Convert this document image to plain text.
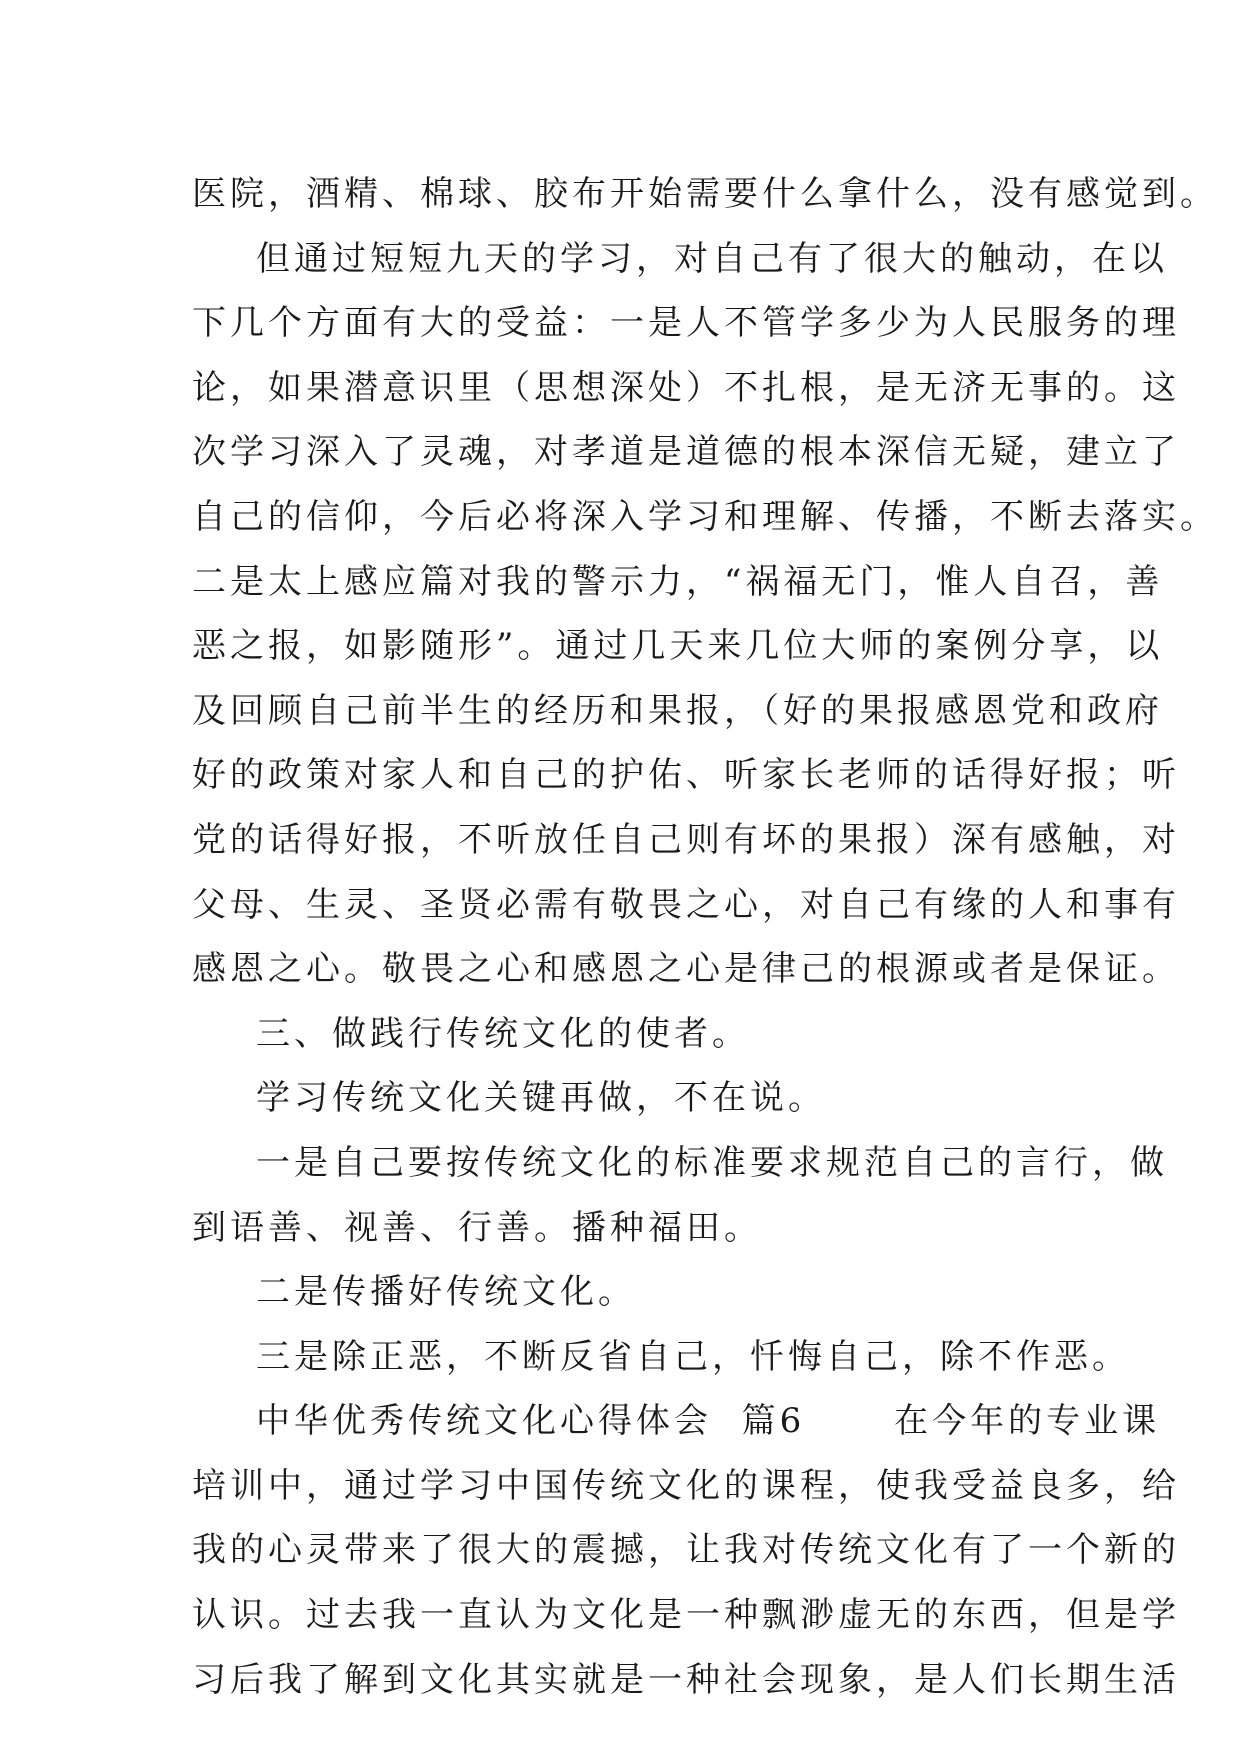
医院，酒精、棉球、胶布开始需要什么拿什么，没有感觉到。
但通过短短九天的学习，对自己有了很大的触动，在以
下几个方面有大的受益：一是人不管学多少为人民服务的理
论，如果潜意识里（思想深处）不扎根，是无济无事的。这
次学习深入了灵魂，对孝道是道德的根本深信无疑，建立了
自己的信仰，今后必将深入学习和理解、传播，不断去落实。
二是太上感应篇对我的警示力，“祸福无门，惟人自召，善
恶之报，如影随形”。通过几天来几位大师的案例分享，以
及回顾自己前半生的经历和果报，（好的果报感恩党和政府
好的政策对家人和自己的护佑、听家长老师的话得好报；听
党的话得好报，不听放任自己则有坏的果报）深有感触，对
父母、生灵、圣贤必需有敬畏之心，对自己有缘的人和事有
感恩之心。敬畏之心和感恩之心是律己的根源或者是保证。
三、做践行传统文化的使者。
学习传统文化关键再做，不在说。
一是自己要按传统文化的标准要求规范自己的言行，做
到语善、视善、行善。播种福田。
二是传播好传统文化。
三是除正恶，不断反省自己，忏悔自己，除不作恶。
中华优秀传统文化心得体会  篇6      在今年的专业课
培训中，通过学习中国传统文化的课程，使我受益良多，给
我的心灵带来了很大的震撼，让我对传统文化有了一个新的
认识。过去我一直认为文化是一种飘渺虚无的东西，但是学
习后我了解到文化其实就是一种社会现象，是人们长期生活
